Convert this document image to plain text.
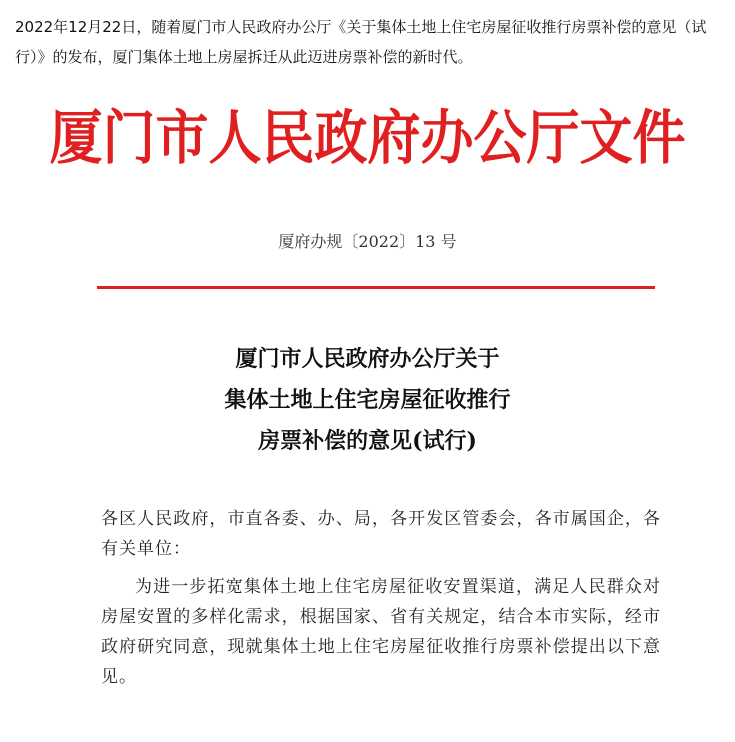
2022年12月22日，随着厦门市人民政府办公厅《关于集体土地上住宅房屋征收推行房票补偿的意见（试行）》的发布，厦门集体土地上房屋拆迁从此迈进房票补偿的新时代。
厦门市人民政府办公厅文件
厦府办规〔2022〕13 号
厦门市人民政府办公厅关于
集体土地上住宅房屋征收推行
房票补偿的意见(试行)

各区人民政府，市直各委、办、局，各开发区管委会，各市属国企，各有关单位：

为进一步拓宽集体土地上住宅房屋征收安置渠道，满足人民群众对房屋安置的多样化需求，根据国家、省有关规定，结合本市实际，经市政府研究同意，现就集体土地上住宅房屋征收推行房票补偿提出以下意见。
